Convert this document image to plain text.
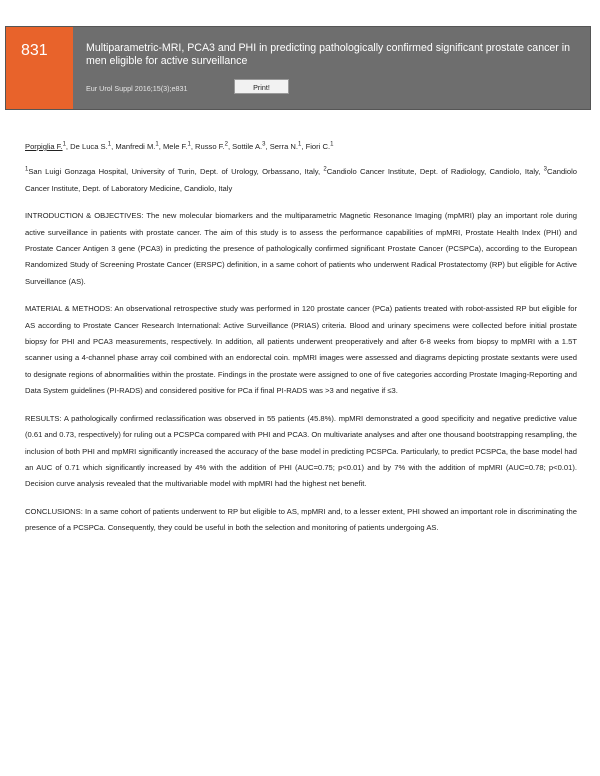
831	Multiparametric-MRI, PCA3 and PHI in predicting pathologically confirmed significant prostate cancer in men eligible for active surveillance
Eur Urol Suppl 2016;15(3);e831	Print!
Porpiglia F.$^1$, De Luca S.$^1$, Manfredi M.$^1$, Mele F.$^1$, Russo F.$^2$, Sottile A.$^3$, Serra N.$^1$, Fiori C.$^1$

$^1$San Luigi Gonzaga Hospital, University of Turin, Dept. of Urology, Orbassano, Italy, $^2$Candiolo Cancer Institute, Dept. of Radiology, Candiolo, Italy, $^3$Candiolo Cancer Institute, Dept. of Laboratory Medicine, Candiolo, Italy

INTRODUCTION & OBJECTIVES: The new molecular biomarkers and the multiparametric Magnetic Resonance Imaging (mpMRI) play an important role during active surveillance in patients with prostate cancer. The aim of this study is to assess the performance capabilities of mpMRI, Prostate Health Index (PHI) and Prostate Cancer Antigen 3 gene (PCA3) in predicting the presence of pathologically confirmed significant Prostate Cancer (PCSPCa), according to the European Randomized Study of Screening Prostate Cancer (ERSPC) definition, in a same cohort of patients who underwent Radical Prostatectomy (RP) but eligible for Active Surveillance (AS).

MATERIAL & METHODS: An observational retrospective study was performed in 120 prostate cancer (PCa) patients treated with robot-assisted RP but eligible for AS according to Prostate Cancer Research International: Active Surveillance (PRIAS) criteria. Blood and urinary specimens were collected before initial prostate biopsy for PHI and PCA3 measurements, respectively. In addition, all patients underwent preoperatively and after 6-8 weeks from biopsy to mpMRI with a 1.5T scanner using a 4-channel phase array coil combined with an endorectal coin. mpMRI images were assessed and diagrams depicting prostate sextants were used to designate regions of abnormalities within the prostate. Findings in the prostate were assigned to one of five categories according Prostate Imaging-Reporting and Data System guidelines (PI-RADS) and considered positive for PCa if final PI-RADS was >3 and negative if ≤3.

RESULTS: A pathologically confirmed reclassification was observed in 55 patients (45.8%). mpMRI demonstrated a good specificity and negative predictive value (0.61 and 0.73, respectively) for ruling out a PCSPCa compared with PHI and PCA3. On multivariate analyses and after one thousand bootstrapping resampling, the inclusion of both PHI and mpMRI significantly increased the accuracy of the base model in predicting PCSPCa. Particularly, to predict PCSPCa, the base model had an AUC of 0.71 which significantly increased by 4% with the addition of PHI (AUC=0.75; p<0.01) and by 7% with the addition of mpMRI (AUC=0.78; p<0.01). Decision curve analysis revealed that the multivariable model with mpMRI had the highest net benefit.

CONCLUSIONS: In a same cohort of patients underwent to RP but eligible to AS, mpMRI and, to a lesser extent, PHI showed an important role in discriminating the presence of a PCSPCa. Consequently, they could be useful in both the selection and monitoring of patients undergoing AS.
